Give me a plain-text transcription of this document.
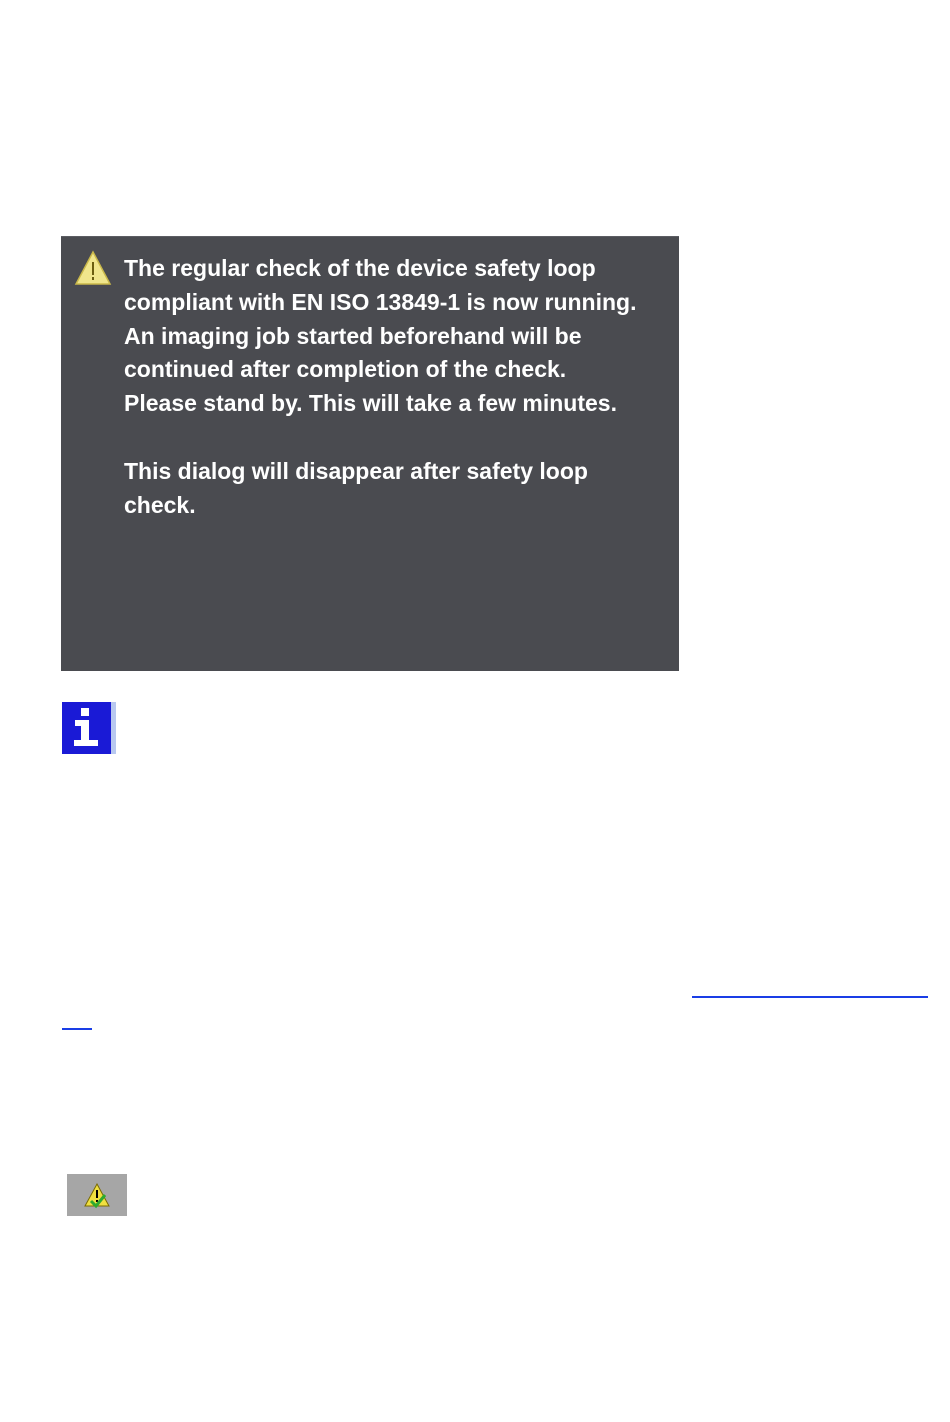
The regular check of the device safety loop compliant with EN ISO 13849-1 is now running.

An imaging job started beforehand will be continued after completion of the check.

Please stand by. This will take a few minutes.

This dialog will disappear after safety loop check.
